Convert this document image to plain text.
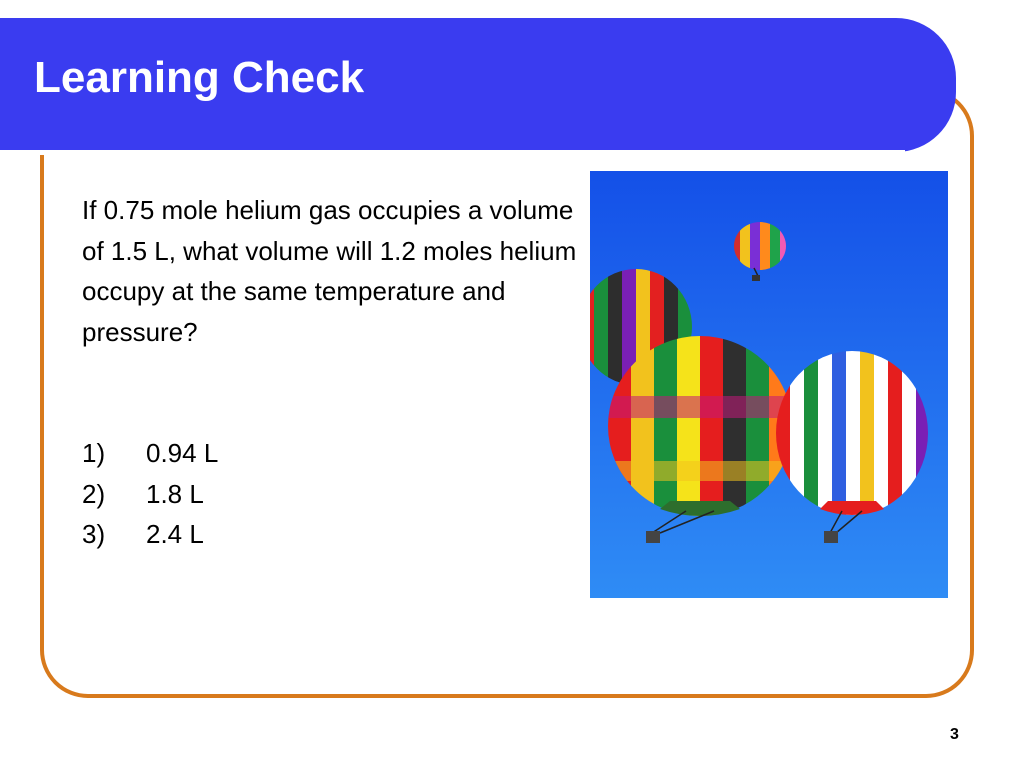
Learning Check
If 0.75 mole helium gas occupies a volume of 1.5 L, what volume will 1.2 moles helium occupy at the same temperature and pressure?
1)	0.94 L
2)	1.8 L
3)	2.4 L
3
